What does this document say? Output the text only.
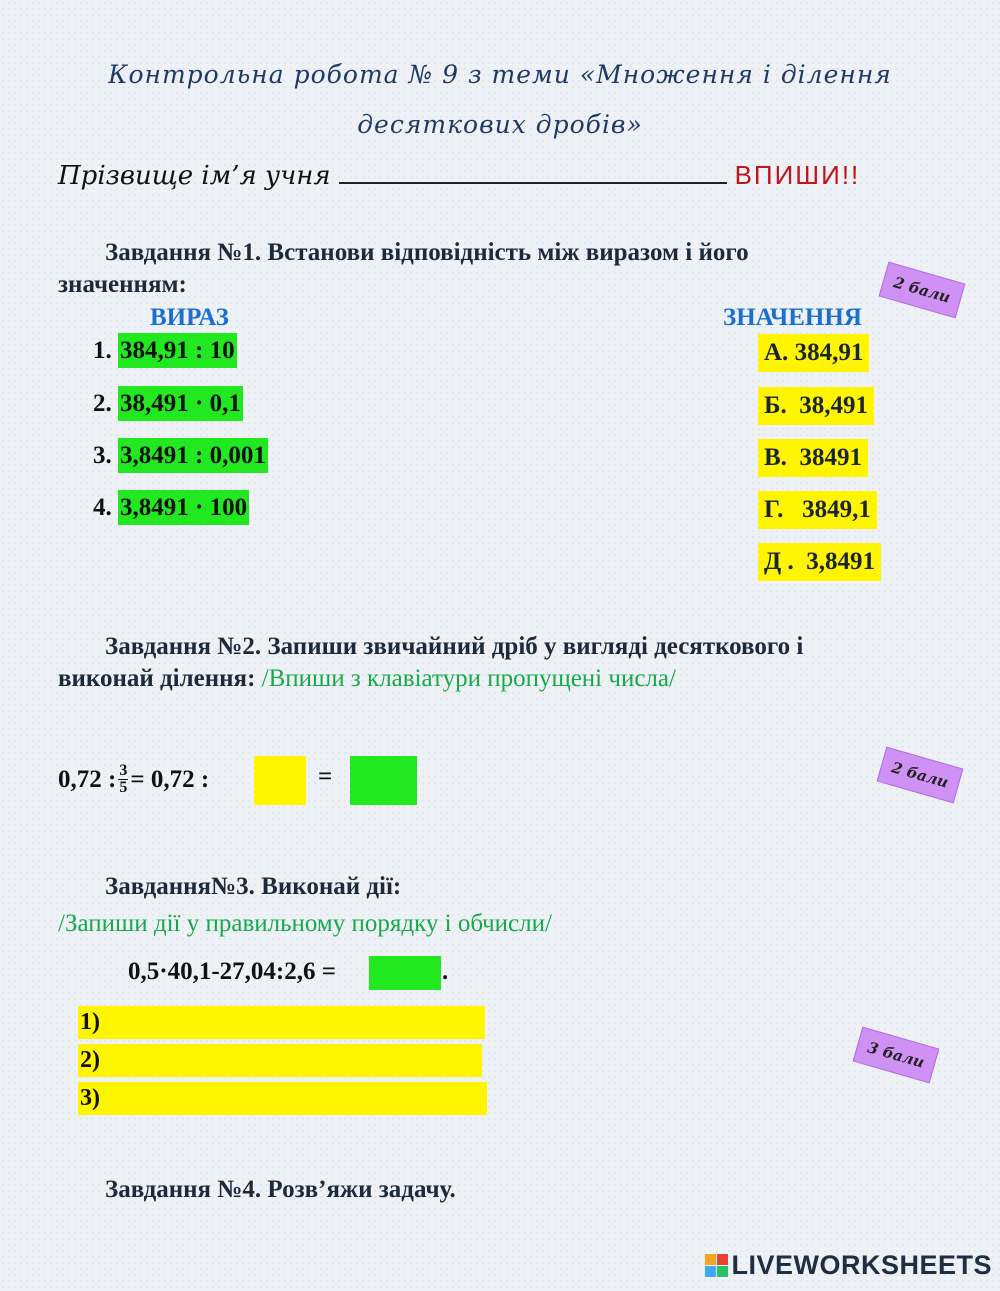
Контрольна робота № 9 з теми «Множення і ділення
десяткових дробів»
Прізвище ім’я учня	ВПИШИ!!
Завдання №1. Встанови відповідність між виразом і його
значенням:	2 бали
ВИРАЗ	ЗНАЧЕННЯ
1. 384,91 : 10
2. 38,491 · 0,1
3. 3,8491 : 0,001
4. 3,8491 · 100
А. 384,91
Б. 38,491
В. 38491
Г. 3849,1
Д . 3,8491
Завдання №2. Запиши звичайний дріб у вигляді десяткового і
виконай ділення: /Впиши з клавіатури пропущені числа/
2 бали
0,72 : $\frac{3}{5} = 0,72$ :	=
Завдання№3. Виконай дії:
/Запиши дії у правильному порядку і обчисли/
3 бали
0,5·40,1-27,04:2,6 =	.
1)
2)
3)
Завдання №4. Розв’яжи задачу.
LIVEWORKSHEETS
